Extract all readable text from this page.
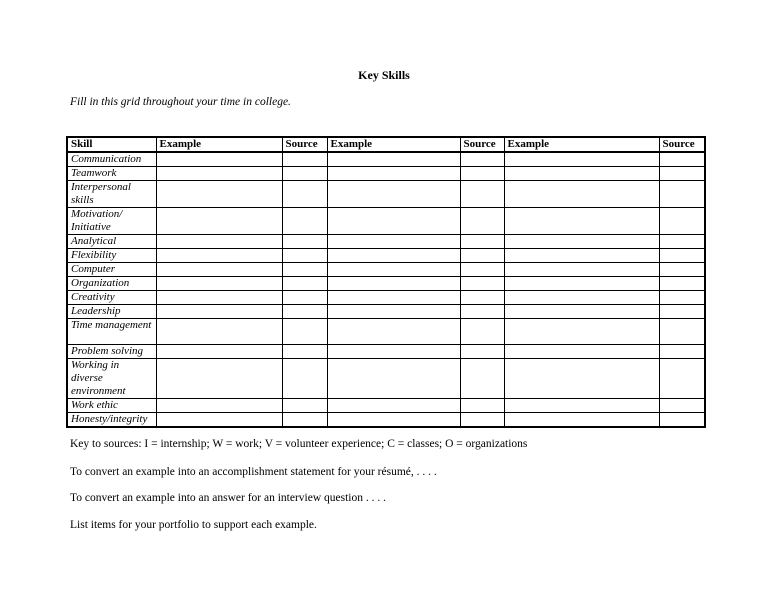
Key Skills
Fill in this grid throughout your time in college.
Skill	Example	Source	Example	Source	Example	Source
Communication						
Teamwork						
Interpersonal skills						
Motivation/ Initiative						
Analytical						
Flexibility						
Computer						
Organization						
Creativity						
Leadership						
Time management						
Problem solving						
Working in diverse environment						
Work ethic						
Honesty/integrity						
Key to sources: I = internship; W = work; V = volunteer experience; C = classes; O = organizations
To convert an example into an accomplishment statement for your résumé, . . . .
To convert an example into an answer for an interview question . . . .
List items for your portfolio to support each example.
